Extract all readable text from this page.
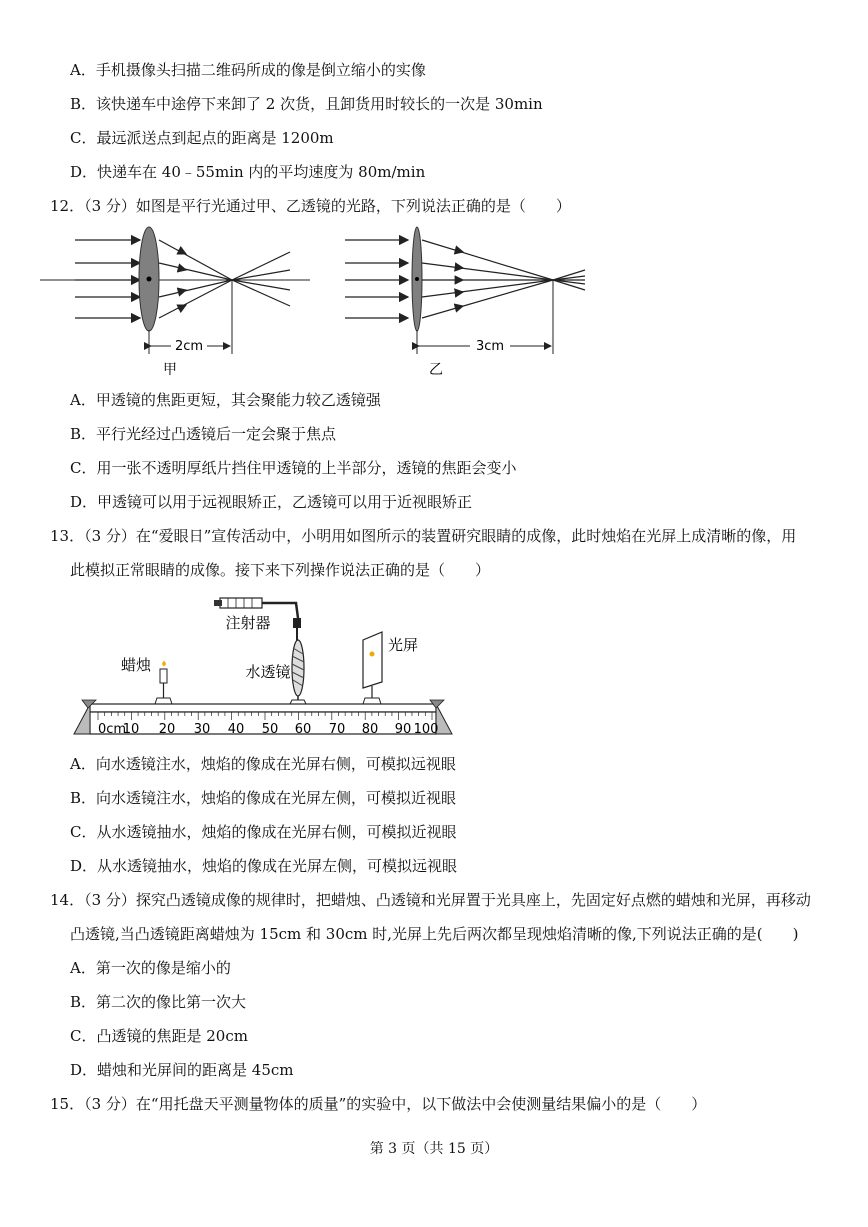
A．手机摄像头扫描二维码所成的像是倒立缩小的实像
B．该快递车中途停下来卸了 2 次货，且卸货用时较长的一次是 30min
C．最远派送点到起点的距离是 1200m
D．快递车在 40﹣55min 内的平均速度为 80m/min
12．（3 分）如图是平行光通过甲、乙透镜的光路，下列说法正确的是（　　）
2cm
甲
3cm
乙
A．甲透镜的焦距更短，其会聚能力较乙透镜强
B．平行光经过凸透镜后一定会聚于焦点
C．用一张不透明厚纸片挡住甲透镜的上半部分，透镜的焦距会变小
D．甲透镜可以用于远视眼矫正，乙透镜可以用于近视眼矫正
13．（3 分）在“爱眼日”宣传活动中，小明用如图所示的装置研究眼睛的成像，此时烛焰在光屏上成清晰的像，用
此模拟正常眼睛的成像。接下来下列操作说法正确的是（　　）
注射器
水透镜
蜡烛
光屏
0cm
10 20 30 40 50 60 70 80 90 100
A．向水透镜注水，烛焰的像成在光屏右侧，可模拟远视眼
B．向水透镜注水，烛焰的像成在光屏左侧，可模拟近视眼
C．从水透镜抽水，烛焰的像成在光屏右侧，可模拟近视眼
D．从水透镜抽水，烛焰的像成在光屏左侧，可模拟远视眼
14．（3 分）探究凸透镜成像的规律时，把蜡烛、凸透镜和光屏置于光具座上，先固定好点燃的蜡烛和光屏，再移动
凸透镜,当凸透镜距离蜡烛为 15cm 和 30cm 时,光屏上先后两次都呈现烛焰清晰的像,下列说法正确的是(　　)
A．第一次的像是缩小的
B．第二次的像比第一次大
C．凸透镜的焦距是 20cm
D．蜡烛和光屏间的距离是 45cm
15．（3 分）在“用托盘天平测量物体的质量”的实验中，以下做法中会使测量结果偏小的是（　　）
第 3 页（共 15 页）
